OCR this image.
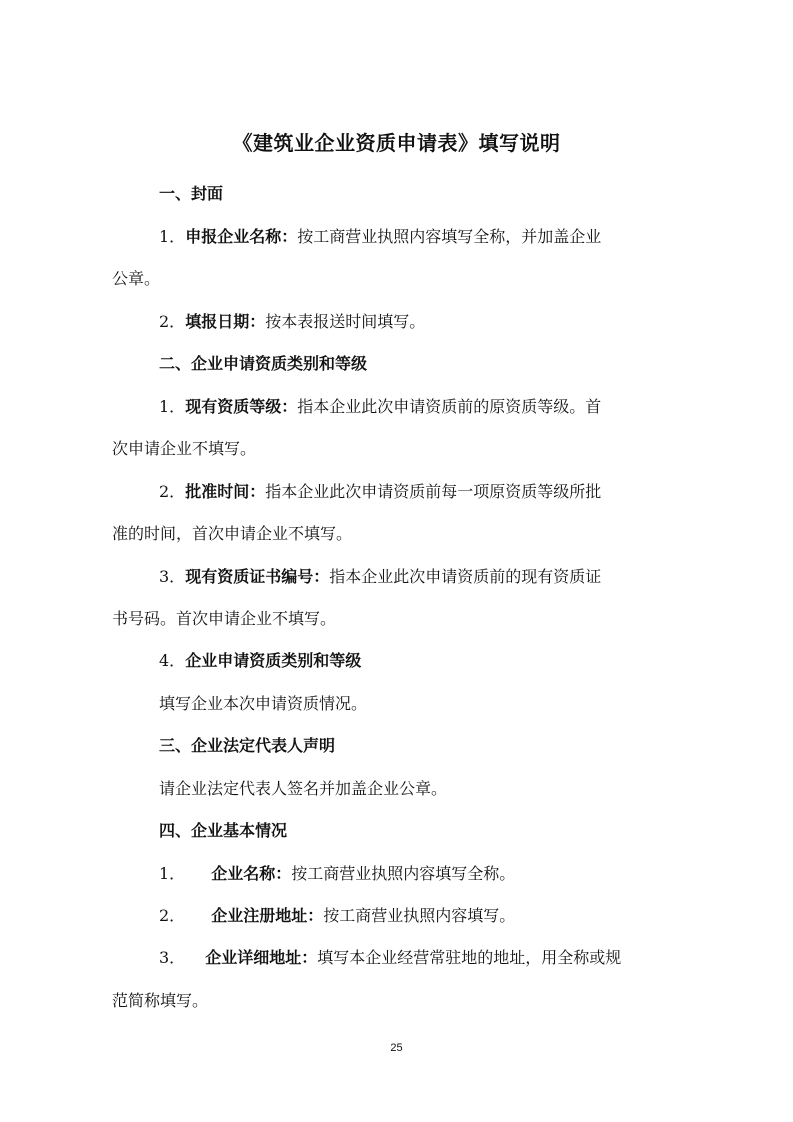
《建筑业企业资质申请表》填写说明
一、封面
1．申报企业名称：按工商营业执照内容填写全称，并加盖企业
公章。
2．填报日期：按本表报送时间填写。
二、企业申请资质类别和等级
1．现有资质等级：指本企业此次申请资质前的原资质等级。首
次申请企业不填写。
2．批准时间：指本企业此次申请资质前每一项原资质等级所批
准的时间，首次申请企业不填写。
3．现有资质证书编号：指本企业此次申请资质前的现有资质证
书号码。首次申请企业不填写。
4．企业申请资质类别和等级
填写企业本次申请资质情况。
三、企业法定代表人声明
请企业法定代表人签名并加盖企业公章。
四、企业基本情况
1． 企业名称：按工商营业执照内容填写全称。
2． 企业注册地址：按工商营业执照内容填写。
3． 企业详细地址：填写本企业经营常驻地的地址，用全称或规
范简称填写。
25
